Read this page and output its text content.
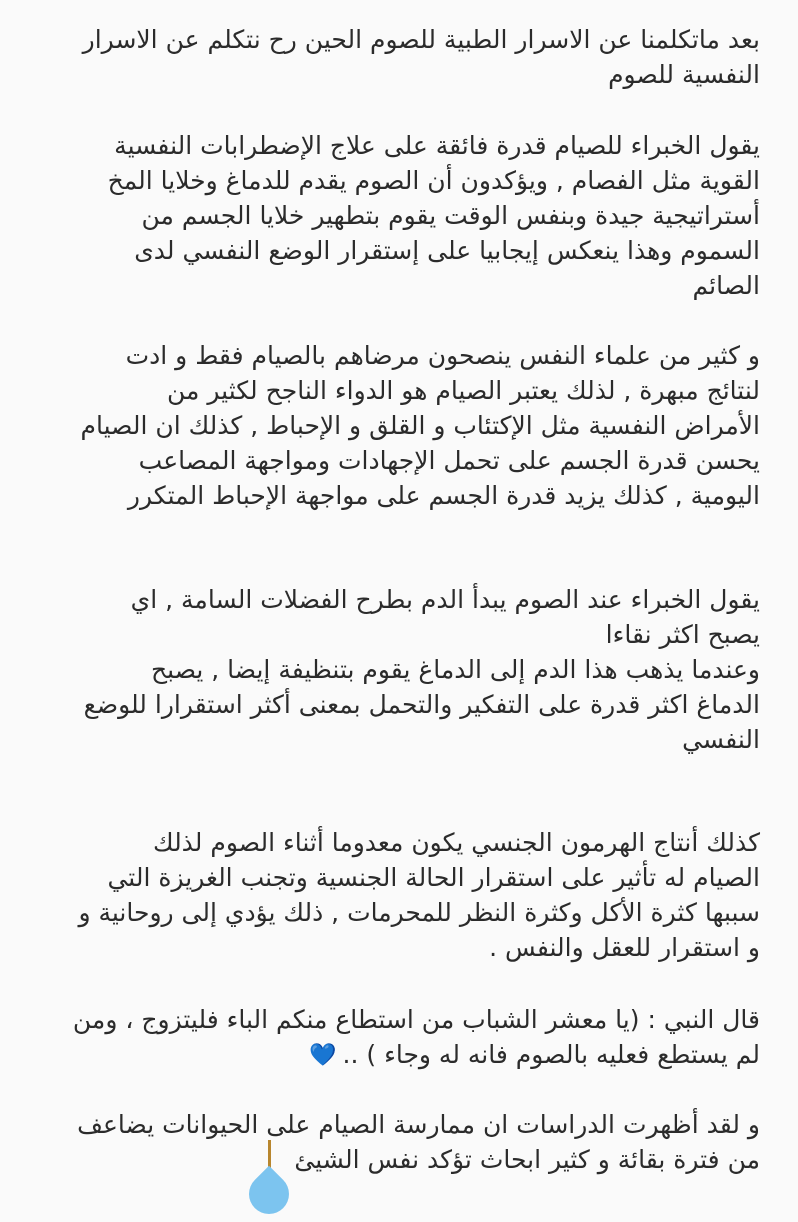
بعد ماتكلمنا عن الاسرار الطبية للصوم الحين رح نتكلم عن الاسرار
النفسية للصوم
يقول الخبراء للصيام قدرة فائقة على علاج الإضطرابات النفسية
القوية مثل الفصام , ويؤكدون أن الصوم يقدم للدماغ وخلايا المخ
أستراتيجية جيدة وبنفس الوقت يقوم بتطهير خلايا الجسم من
السموم وهذا ينعكس إيجابيا على إستقرار الوضع النفسي لدى
الصائم
و كثير من علماء النفس ينصحون مرضاهم بالصيام فقط و ادت
لنتائج مبهرة , لذلك يعتبر الصيام هو الدواء الناجح لكثير من
الأمراض النفسية مثل الإكتئاب و القلق و الإحباط , كذلك ان الصيام
يحسن قدرة الجسم على تحمل الإجهادات ومواجهة المصاعب
اليومية , كذلك يزيد قدرة الجسم على مواجهة الإحباط المتكرر
يقول الخبراء عند الصوم يبدأ الدم بطرح الفضلات السامة , اي
يصبح اكثر نقاءا
وعندما يذهب هذا الدم إلى الدماغ يقوم بتنظيفة إيضا , يصبح
الدماغ اكثر قدرة على التفكير والتحمل بمعنى أكثر استقرارا للوضع
النفسي
كذلك أنتاج الهرمون الجنسي يكون معدوما أثناء الصوم لذلك
الصيام له تأثير على استقرار الحالة الجنسية وتجنب الغريزة التي
سببها كثرة الأكل وكثرة النظر للمحرمات , ذلك يؤدي إلى روحانية و
و استقرار للعقل والنفس .
قال النبي : (يا معشر الشباب من استطاع منكم الباء فليتزوج ، ومن
لم يستطع فعليه بالصوم فانه له وجاء ) ..💙
و لقد أظهرت الدراسات ان ممارسة الصيام على الحيوانات يضاعف
من فترة بقائة و كثير ابحاث تؤكد نفس الشيئ
